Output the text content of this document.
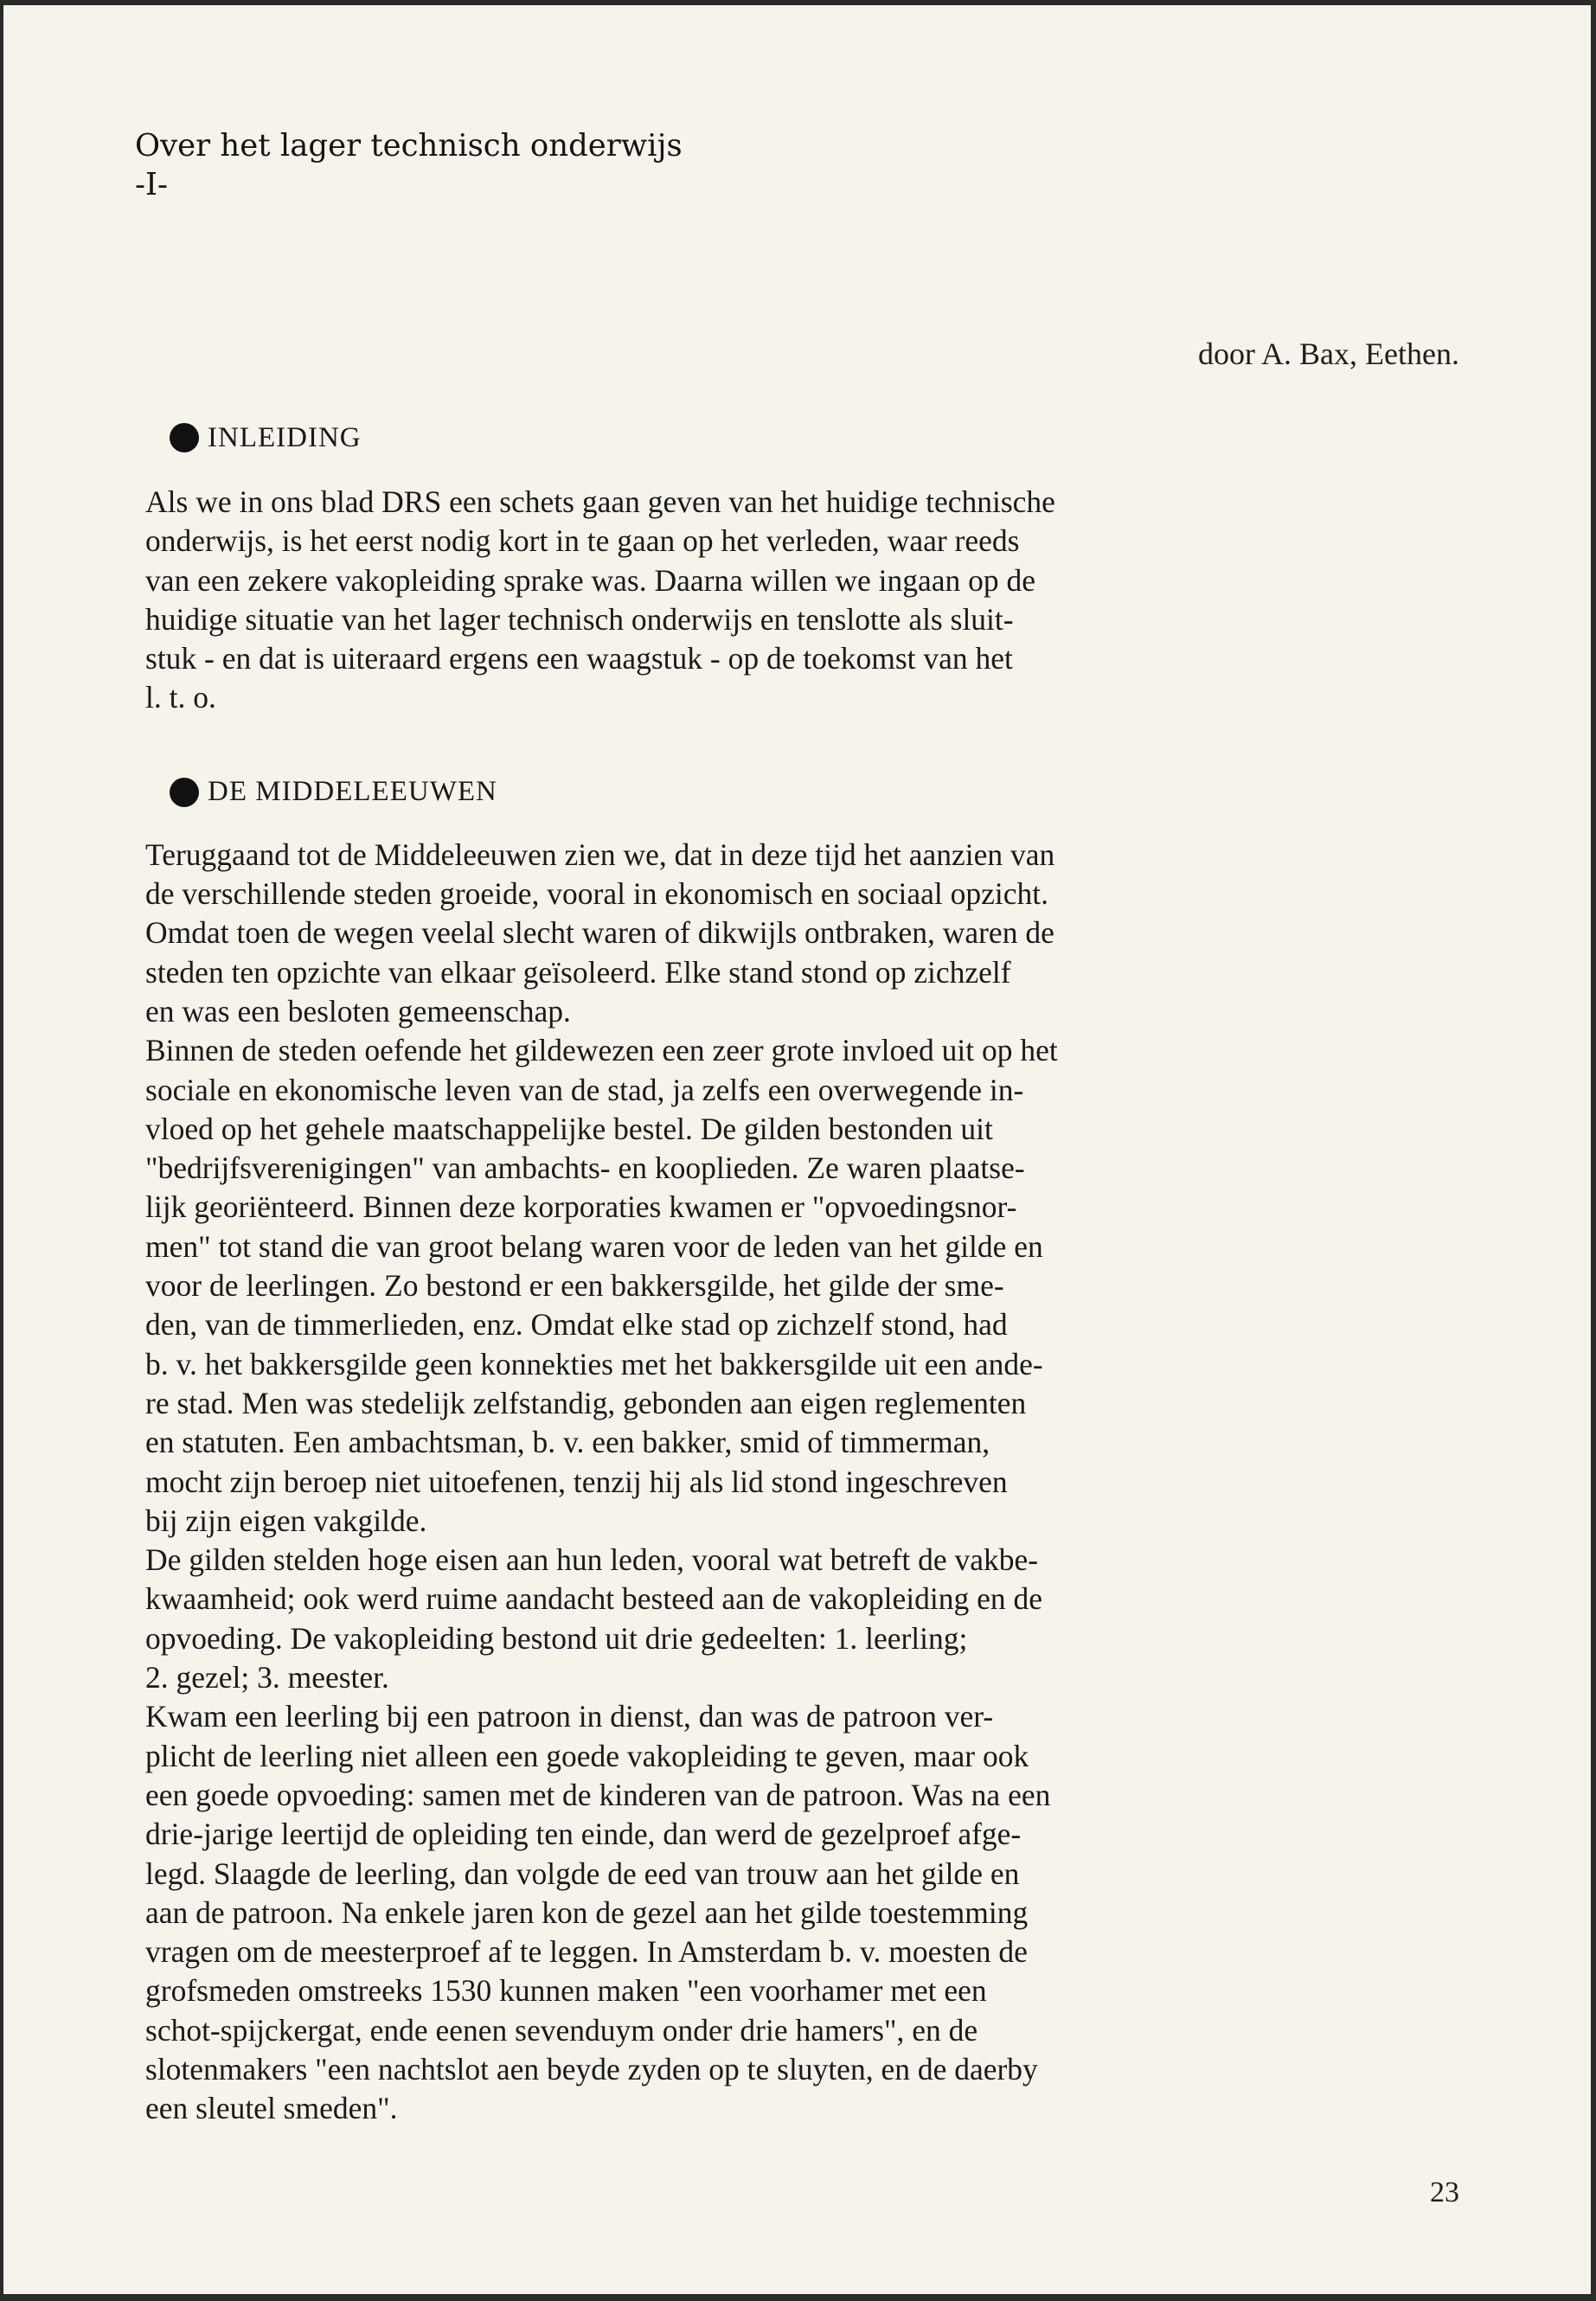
Over het lager technisch onderwijs
-I-
door A. Bax, Eethen.
INLEIDING
Als we in ons blad DRS een schets gaan geven van het huidige technische
onderwijs, is het eerst nodig kort in te gaan op het verleden, waar reeds
van een zekere vakopleiding sprake was. Daarna willen we ingaan op de
huidige situatie van het lager technisch onderwijs en tenslotte als sluit-
stuk - en dat is uiteraard ergens een waagstuk - op de toekomst van het
l. t. o.
DE MIDDELEEUWEN
Teruggaand tot de Middeleeuwen zien we, dat in deze tijd het aanzien van
de verschillende steden groeide, vooral in ekonomisch en sociaal opzicht.
Omdat toen de wegen veelal slecht waren of dikwijls ontbraken, waren de
steden ten opzichte van elkaar geïsoleerd. Elke stand stond op zichzelf
en was een besloten gemeenschap.
Binnen de steden oefende het gildewezen een zeer grote invloed uit op het
sociale en ekonomische leven van de stad, ja zelfs een overwegende in-
vloed op het gehele maatschappelijke bestel. De gilden bestonden uit
"bedrijfsverenigingen" van ambachts- en kooplieden. Ze waren plaatse-
lijk georiënteerd. Binnen deze korporaties kwamen er "opvoedingsnor-
men" tot stand die van groot belang waren voor de leden van het gilde en
voor de leerlingen. Zo bestond er een bakkersgilde, het gilde der sme-
den, van de timmerlieden, enz. Omdat elke stad op zichzelf stond, had
b. v. het bakkersgilde geen konnekties met het bakkersgilde uit een ande-
re stad. Men was stedelijk zelfstandig, gebonden aan eigen reglementen
en statuten. Een ambachtsman, b. v. een bakker, smid of timmerman,
mocht zijn beroep niet uitoefenen, tenzij hij als lid stond ingeschreven
bij zijn eigen vakgilde.
De gilden stelden hoge eisen aan hun leden, vooral wat betreft de vakbe-
kwaamheid; ook werd ruime aandacht besteed aan de vakopleiding en de
opvoeding. De vakopleiding bestond uit drie gedeelten: 1. leerling;
2. gezel; 3. meester.
Kwam een leerling bij een patroon in dienst, dan was de patroon ver-
plicht de leerling niet alleen een goede vakopleiding te geven, maar ook
een goede opvoeding: samen met de kinderen van de patroon. Was na een
drie-jarige leertijd de opleiding ten einde, dan werd de gezelproef afge-
legd. Slaagde de leerling, dan volgde de eed van trouw aan het gilde en
aan de patroon. Na enkele jaren kon de gezel aan het gilde toestemming
vragen om de meesterproef af te leggen. In Amsterdam b. v. moesten de
grofsmeden omstreeks 1530 kunnen maken "een voorhamer met een
schot-spijckergat, ende eenen sevenduym onder drie hamers", en de
slotenmakers "een nachtslot aen beyde zyden op te sluyten, en de daerby
een sleutel smeden".
23
